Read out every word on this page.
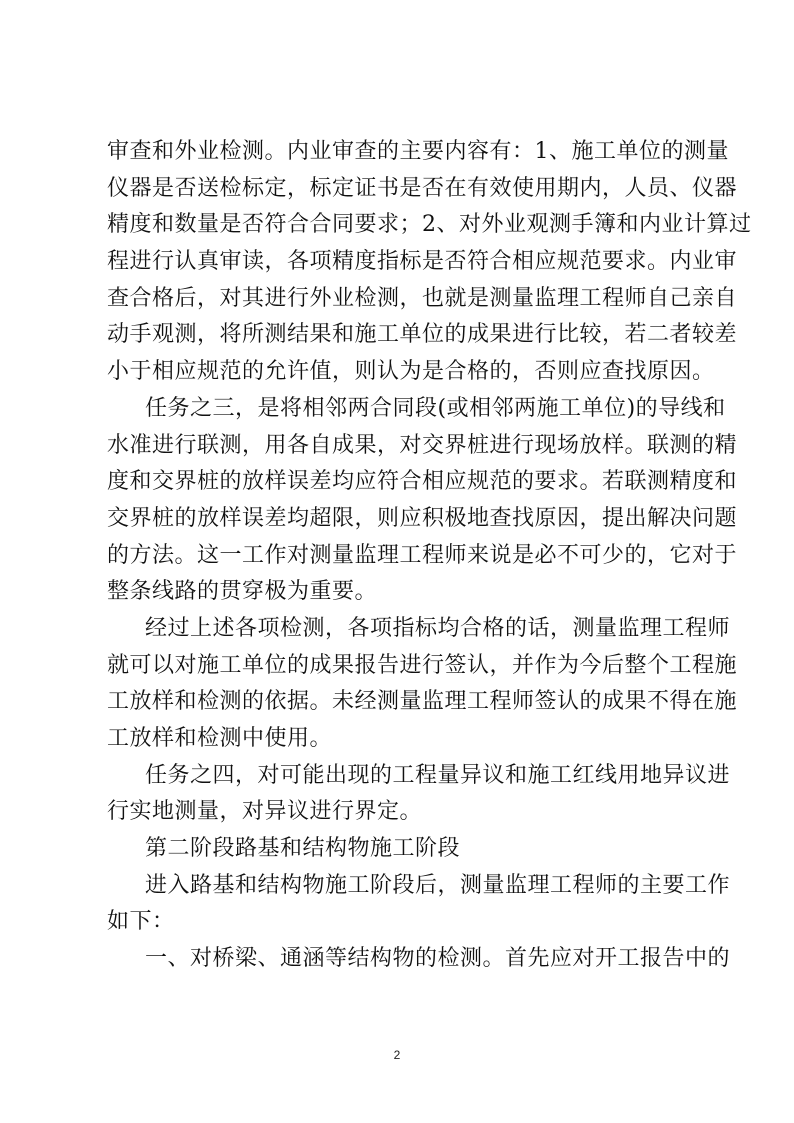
审查和外业检测。内业审查的主要内容有：1、施工单位的测量
仪器是否送检标定，标定证书是否在有效使用期内，人员、仪器
精度和数量是否符合合同要求；2、对外业观测手簿和内业计算过
程进行认真审读，各项精度指标是否符合相应规范要求。内业审
查合格后，对其进行外业检测，也就是测量监理工程师自己亲自
动手观测，将所测结果和施工单位的成果进行比较，若二者较差
小于相应规范的允许值，则认为是合格的，否则应查找原因。
任务之三，是将相邻两合同段(或相邻两施工单位)的导线和
水准进行联测，用各自成果，对交界桩进行现场放样。联测的精
度和交界桩的放样误差均应符合相应规范的要求。若联测精度和
交界桩的放样误差均超限，则应积极地查找原因，提出解决问题
的方法。这一工作对测量监理工程师来说是必不可少的，它对于
整条线路的贯穿极为重要。
经过上述各项检测，各项指标均合格的话，测量监理工程师
就可以对施工单位的成果报告进行签认，并作为今后整个工程施
工放样和检测的依据。未经测量监理工程师签认的成果不得在施
工放样和检测中使用。
任务之四，对可能出现的工程量异议和施工红线用地异议进
行实地测量，对异议进行界定。
第二阶段路基和结构物施工阶段
进入路基和结构物施工阶段后，测量监理工程师的主要工作
如下：
一、对桥梁、通涵等结构物的检测。首先应对开工报告中的
2
